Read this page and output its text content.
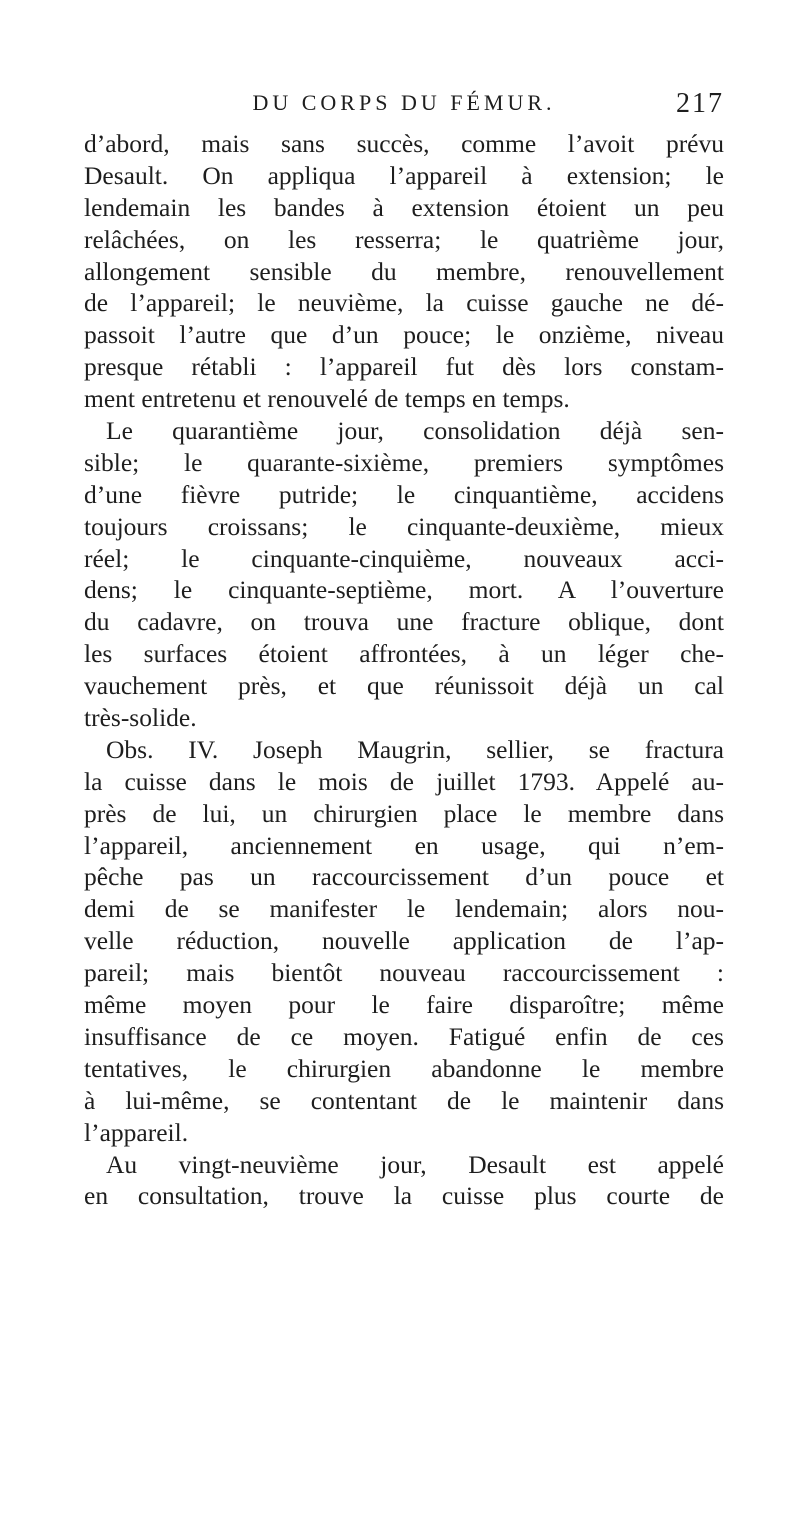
DU CORPS DU FÉMUR.	217
d’abord, mais sans succès, comme l’avoit prévu
Desault. On appliqua l’appareil à extension; le
lendemain les bandes à extension étoient un peu
relâchées, on les resserra; le quatrième jour,
allongement sensible du membre, renouvellement
de l’appareil; le neuvième, la cuisse gauche ne dé-
passoit l’autre que d’un pouce; le onzième, niveau
presque rétabli : l’appareil fut dès lors constam-
ment entretenu et renouvelé de temps en temps.
Le quarantième jour, consolidation déjà sen-
sible; le quarante-sixième, premiers symptômes
d’une fièvre putride; le cinquantième, accidens
toujours croissans; le cinquante-deuxième, mieux
réel; le cinquante-cinquième, nouveaux acci-
dens; le cinquante-septième, mort. A l’ouverture
du cadavre, on trouva une fracture oblique, dont
les surfaces étoient affrontées, à un léger che-
vauchement près, et que réunissoit déjà un cal
très-solide.
Obs. IV. Joseph Maugrin, sellier, se fractura
la cuisse dans le mois de juillet 1793. Appelé au-
près de lui, un chirurgien place le membre dans
l’appareil, anciennement en usage, qui n’em-
pêche pas un raccourcissement d’un pouce et
demi de se manifester le lendemain; alors nou-
velle réduction, nouvelle application de l’ap-
pareil; mais bientôt nouveau raccourcissement :
même moyen pour le faire disparoître; même
insuffisance de ce moyen. Fatigué enfin de ces
tentatives, le chirurgien abandonne le membre
à lui-même, se contentant de le maintenir dans
l’appareil.
Au vingt-neuvième jour, Desault est appelé
en consultation, trouve la cuisse plus courte de
